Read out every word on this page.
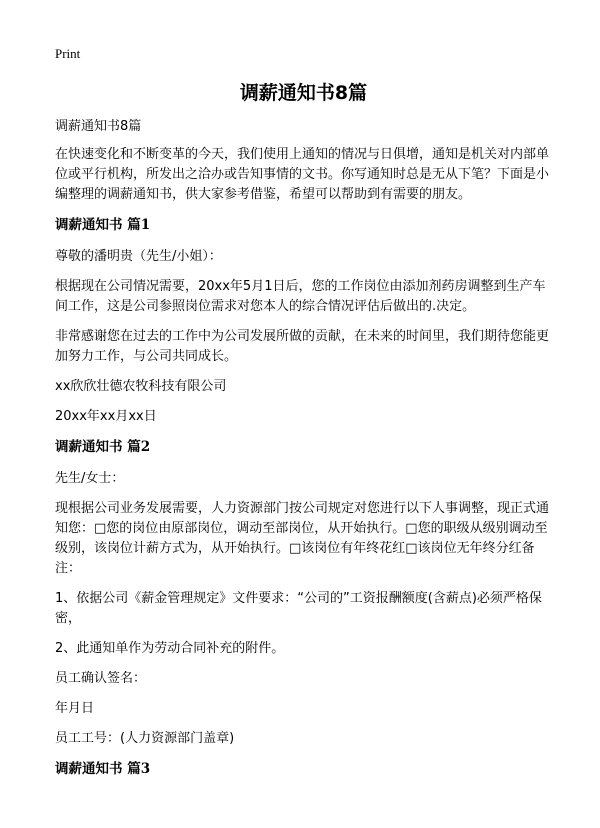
Print
调薪通知书8篇

调薪通知书8篇

在快速变化和不断变革的今天，我们使用上通知的情况与日俱增，通知是机关对内部单位或平行机构，所发出之洽办或告知事情的文书。你写通知时总是无从下笔？下面是小编整理的调薪通知书，供大家参考借鉴，希望可以帮助到有需要的朋友。

调薪通知书 篇1

尊敬的潘明贵（先生/小姐）：

根据现在公司情况需要，20xx年5月1日后，您的工作岗位由添加剂药房调整到生产车间工作，这是公司参照岗位需求对您本人的综合情况评估后做出的.决定。

非常感谢您在过去的工作中为公司发展所做的贡献，在未来的时间里，我们期待您能更加努力工作，与公司共同成长。

xx欣欣壮德农牧科技有限公司

20xx年xx月xx日

调薪通知书 篇2

先生/女士：

现根据公司业务发展需要，人力资源部门按公司规定对您进行以下人事调整，现正式通知您：□您的岗位由原部岗位，调动至部岗位，从开始执行。□您的职级从级别调动至级别，该岗位计薪方式为，从开始执行。□该岗位有年终花红□该岗位无年终分红备注：

1、依据公司《薪金管理规定》文件要求：“公司的”工资报酬额度(含薪点)必须严格保密，

2、此通知单作为劳动合同补充的附件。

员工确认签名：

年月日

员工工号：(人力资源部门盖章)

调薪通知书 篇3
